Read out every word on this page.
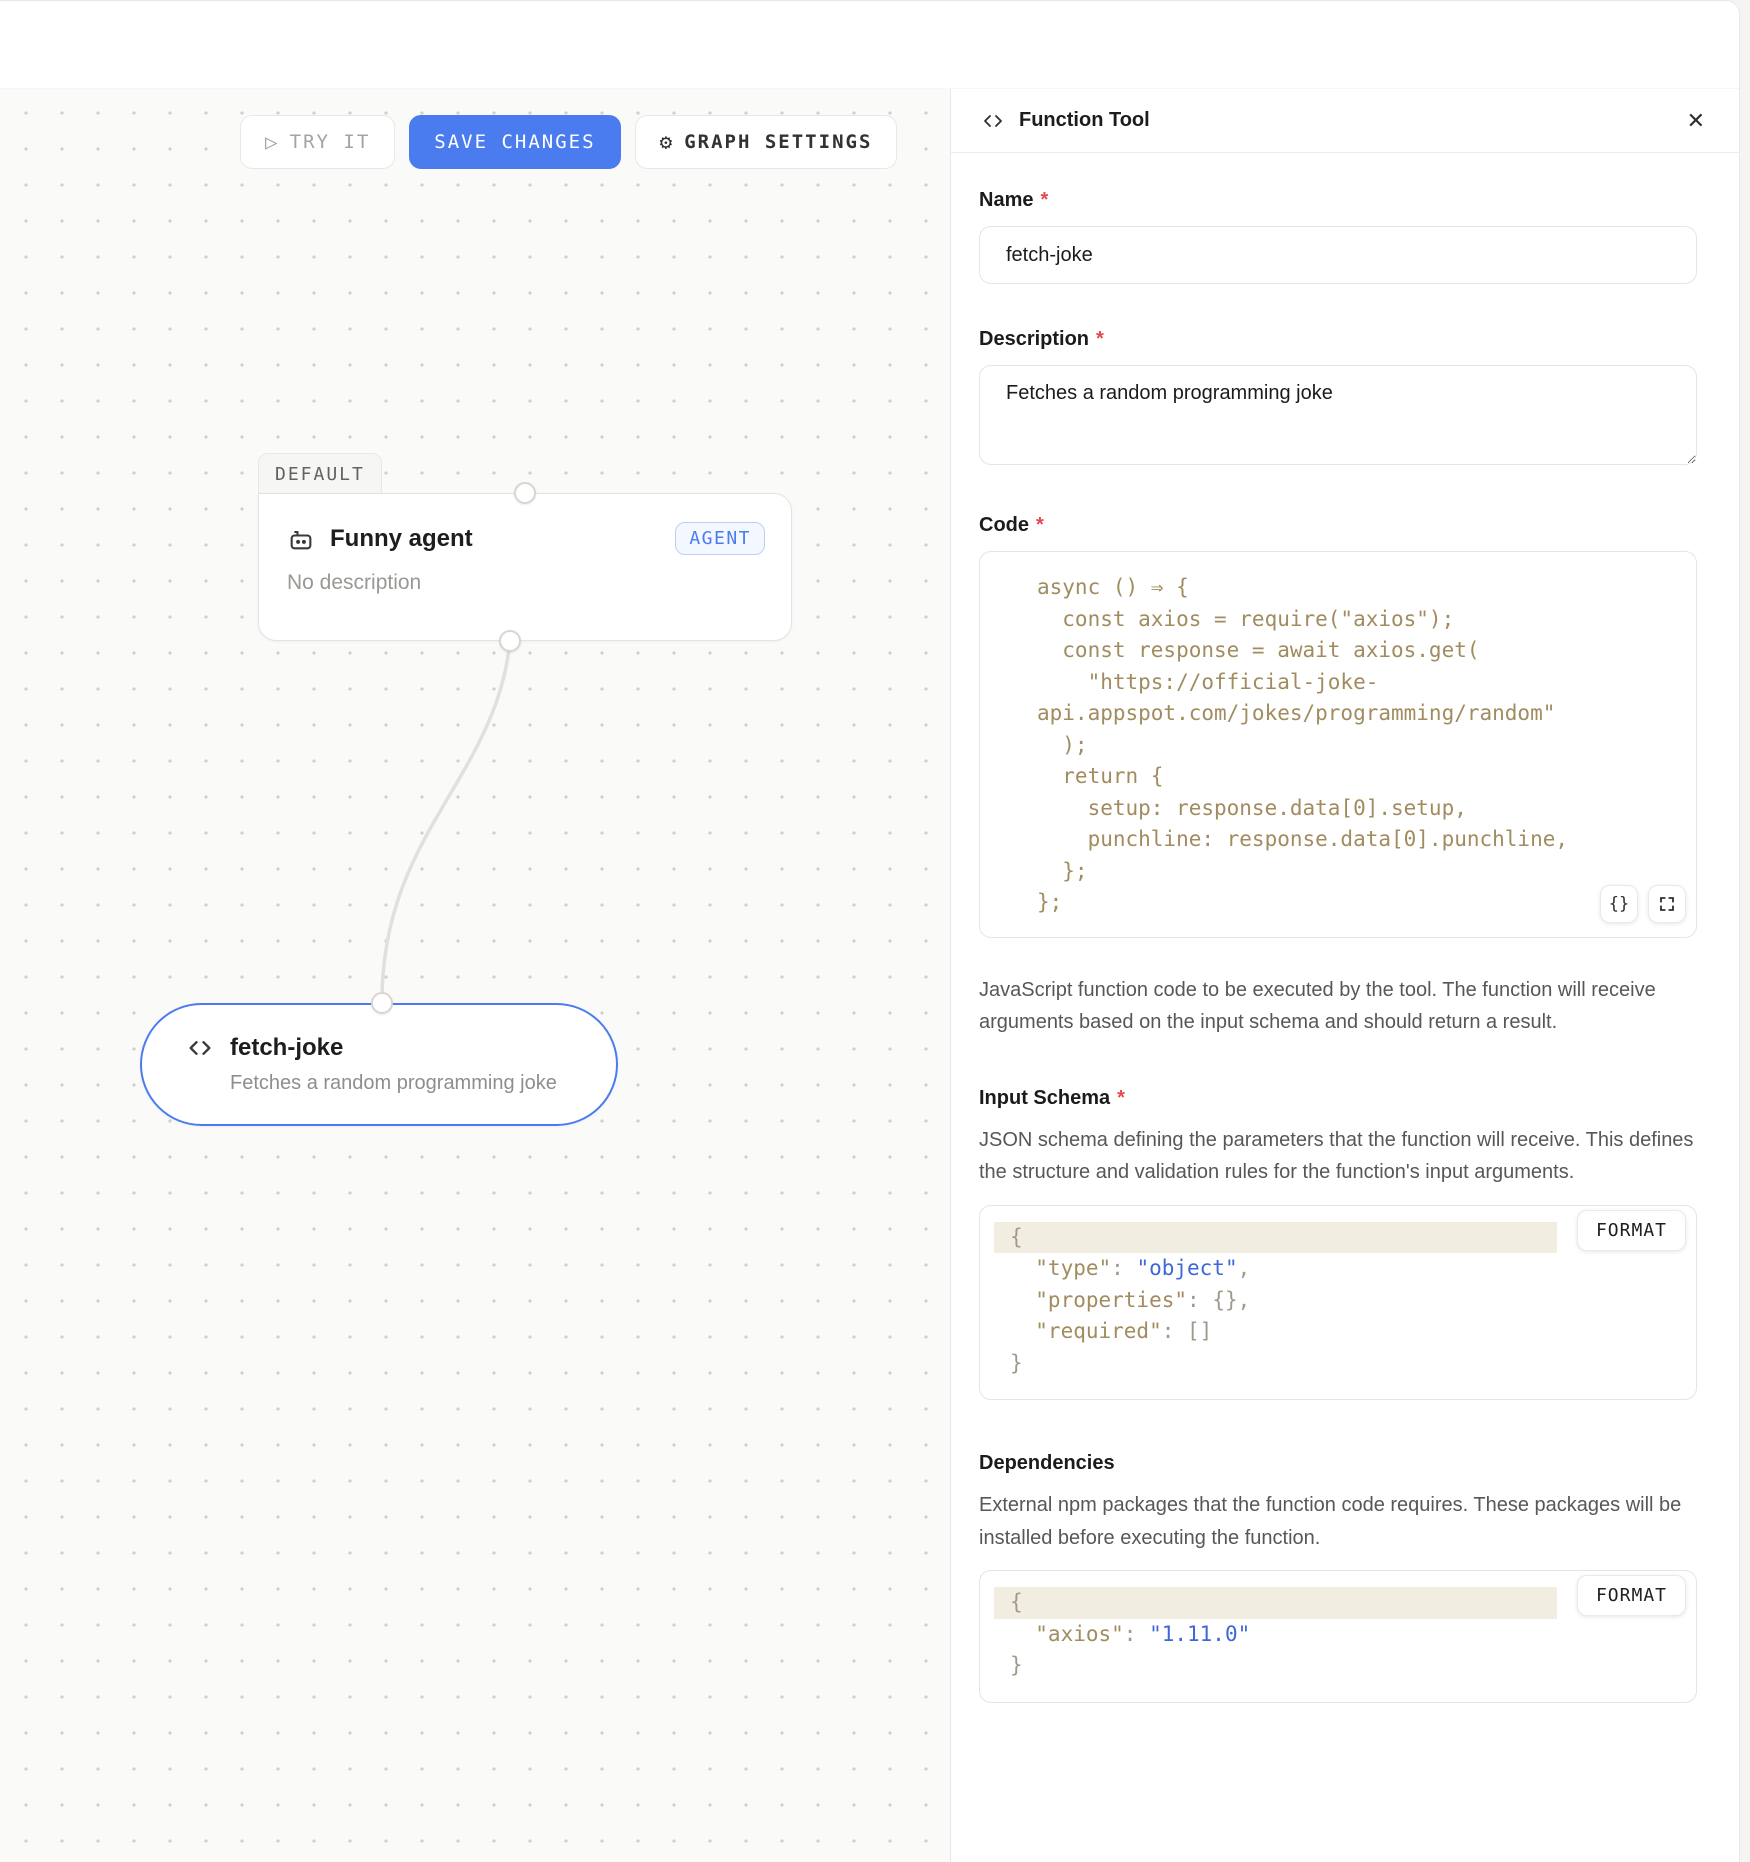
▷ TRY IT	SAVE CHANGES	⚙ GRAPH SETTINGS
DEFAULT
Funny agent	AGENT
No description
fetch-joke
Fetches a random programming joke
Function Tool	✕
Name *
fetch-joke
Description *
Fetches a random programming joke
Code *
{}
async () ⇒ {
const axios = require("axios");
const response = await axios.get(
"https://official-joke-
api.appspot.com/jokes/programming/random"
);
return {
setup: response.data[0].setup,
punchline: response.data[0].punchline,
};
};
JavaScript function code to be executed by the tool. The function will receive arguments based on the input schema and should return a result.
Input Schema *
JSON schema defining the parameters that the function will receive. This defines the structure and validation rules for the function's input arguments.
FORMAT
{
"type": "object",
"properties": {},
"required": []
}
Dependencies
External npm packages that the function code requires. These packages will be installed before executing the function.
FORMAT
{
"axios": "1.11.0"
}
